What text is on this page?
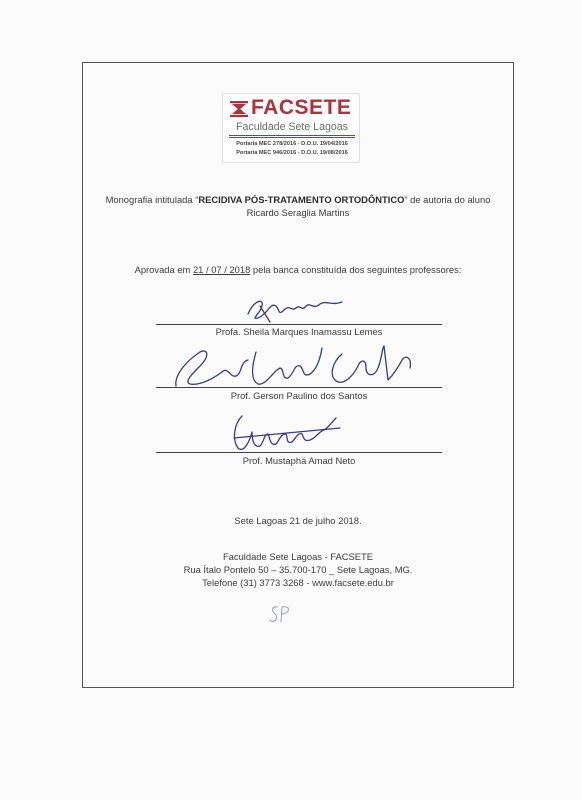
FACSETE
Faculdade Sete Lagoas
Portaria MEC 278/2016 - D.O.U. 19/04/2016
Portaria MEC 946/2016 - D.O.U. 19/08/2016
Monografia intitulada “RECIDIVA PÓS-TRATAMENTO ORTODÔNTICO” de autoria do aluno
Ricardo Seraglia Martins
Aprovada em 21 / 07 / 2018 pela banca constituída dos seguintes professores:
Profa. Sheila Marques Inamassu Lemes
Prof. Gerson Paulino dos Santos
Prof. Mustaphá Amad Neto
Sete Lagoas 21 de julho 2018.
Faculdade Sete Lagoas - FACSETE
Rua Ítalo Pontelo 50 – 35.700-170 _ Sete Lagoas, MG.
Telefone (31) 3773 3268 - www.facsete.edu.br
